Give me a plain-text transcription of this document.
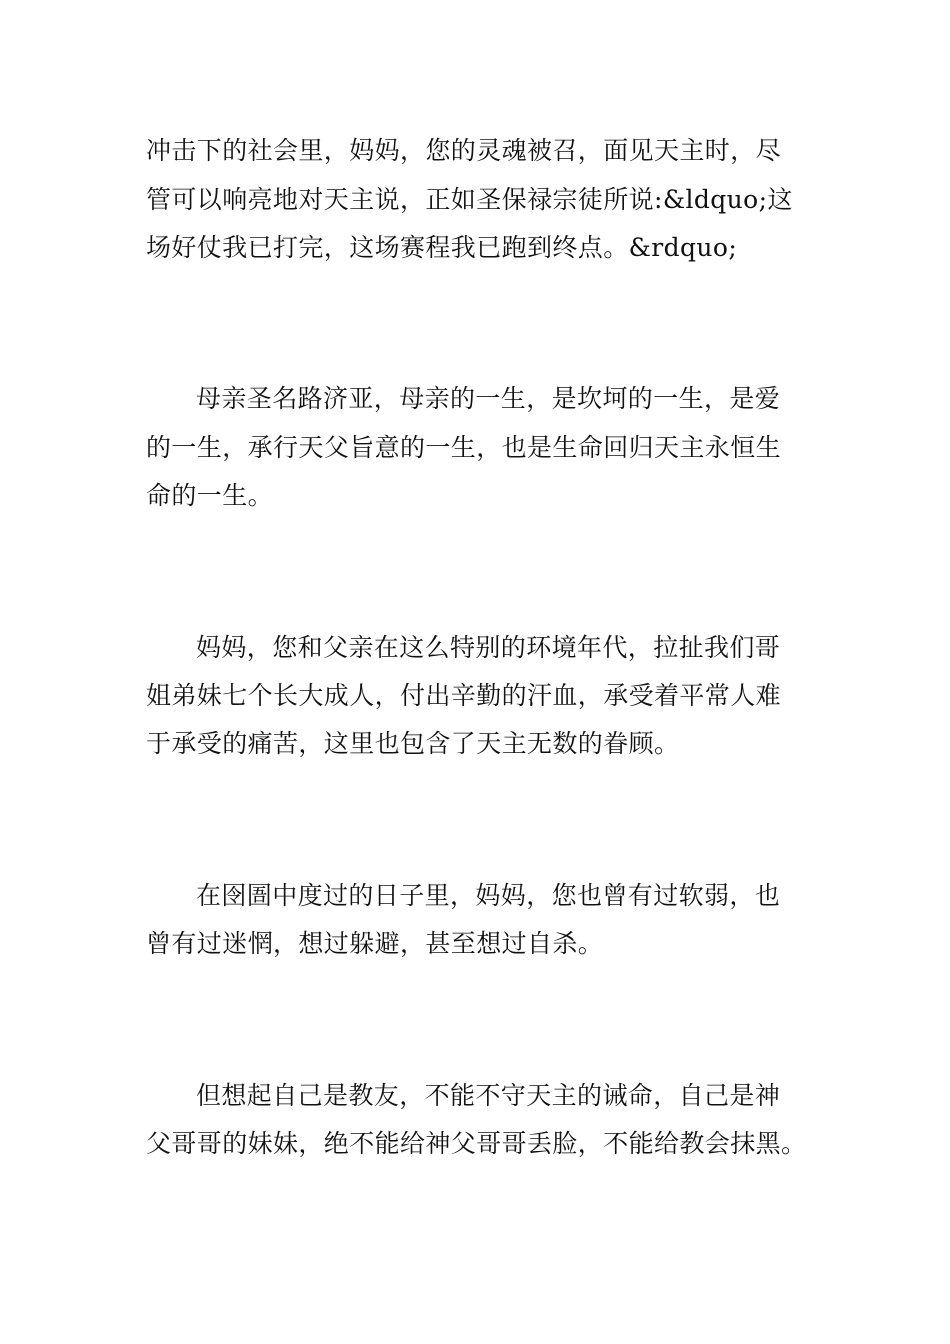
冲击下的社会里，妈妈，您的灵魂被召，面见天主时，尽
管可以响亮地对天主说，正如圣保禄宗徒所说:&ldquo;这
场好仗我已打完，这场赛程我已跑到终点。&rdquo;
母亲圣名路济亚，母亲的一生，是坎坷的一生，是爱
的一生，承行天父旨意的一生，也是生命回归天主永恒生
命的一生。
妈妈，您和父亲在这么特别的环境年代，拉扯我们哥
姐弟妹七个长大成人，付出辛勤的汗血，承受着平常人难
于承受的痛苦，这里也包含了天主无数的眷顾。
在囹圄中度过的日子里，妈妈，您也曾有过软弱，也
曾有过迷惘，想过躲避，甚至想过自杀。
但想起自己是教友，不能不守天主的诫命，自己是神
父哥哥的妹妹，绝不能给神父哥哥丢脸，不能给教会抹黑。
